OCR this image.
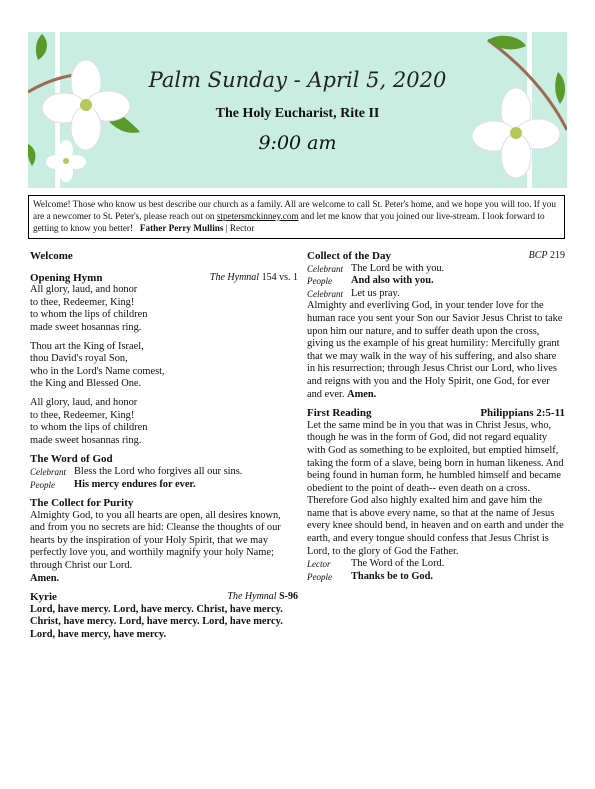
Palm Sunday - April 5, 2020
The Holy Eucharist, Rite II
9:00 am
Welcome! Those who know us best describe our church as a family. All are welcome to call St. Peter's home, and we hope you will too. If you are a newcomer to St. Peter's, please reach out on stpetersmckinney.com and let me know that you joined our live-stream. I look forward to getting to know you better! Father Perry Mullins | Rector

Welcome

Opening Hymn	The Hymnal 154 vs. 1

All glory, laud, and honor

to thee, Redeemer, King!

to whom the lips of children

made sweet hosannas ring.

Thou art the King of Israel,

thou David's royal Son,

who in the Lord's Name comest,

the King and Blessed One.

All glory, laud, and honor

to thee, Redeemer, King!

to whom the lips of children

made sweet hosannas ring.

The Word of God

Celebrant Bless the Lord who forgives all our sins.
People	His mercy endures for ever.

The Collect for Purity

Almighty God, to you all hearts are open, all desires known, and from you no secrets are hid: Cleanse the thoughts of our hearts by the inspiration of your Holy Spirit, that we may perfectly love you, and worthily magnify your holy Name; through Christ our Lord.

Amen.

Kyrie	The Hymnal S-96

Lord, have mercy. Lord, have mercy. Christ, have mercy. Christ, have mercy. Lord, have mercy. Lord, have mercy. Lord, have mercy, have mercy.

Collect of the Day	BCP 219

Celebrant The Lord be with you.
People	And also with you.
Celebrant Let us pray.

Almighty and everliving God, in your tender love for the human race you sent your Son our Savior Jesus Christ to take upon him our nature, and to suffer death upon the cross, giving us the example of his great humility: Mercifully grant that we may walk in the way of his suffering, and also share in his resurrection; through Jesus Christ our Lord, who lives and reigns with you and the Holy Spirit, one God, for ever and ever. Amen.

First Reading	Philippians 2:5-11

Let the same mind be in you that was in Christ Jesus, who, though he was in the form of God, did not regard equality with God as something to be exploited, but emptied himself, taking the form of a slave, being born in human likeness. And being found in human form, he humbled himself and became obedient to the point of death-- even death on a cross. Therefore God also highly exalted him and gave him the name that is above every name, so that at the name of Jesus every knee should bend, in heaven and on earth and under the earth, and every tongue should confess that Jesus Christ is Lord, to the glory of God the Father.

Lector	The Word of the Lord.
People	Thanks be to God.
